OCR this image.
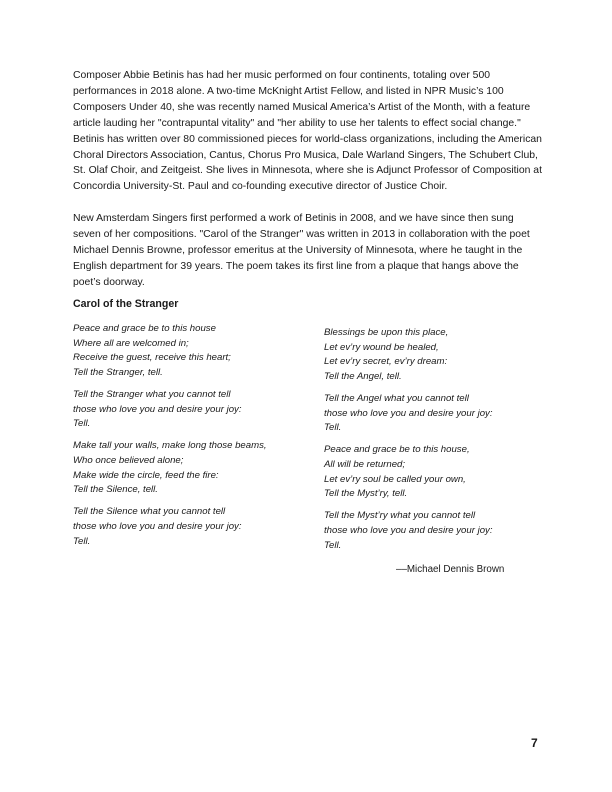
Composer Abbie Betinis has had her music performed on four continents, totaling over 500 performances in 2018 alone. A two-time McKnight Artist Fellow, and listed in NPR Music’s 100 Composers Under 40, she was recently named Musical America’s Artist of the Month, with a feature article lauding her "contrapuntal vitality" and "her ability to use her talents to effect social change." Betinis has written over 80 commissioned pieces for world-class organizations, including the American Choral Directors Association, Cantus, Chorus Pro Musica, Dale Warland Singers, The Schubert Club, St. Olaf Choir, and Zeitgeist. She lives in Minnesota, where she is Adjunct Professor of Composition at Concordia University-St. Paul and co-founding executive director of Justice Choir.

New Amsterdam Singers first performed a work of Betinis in 2008, and we have since then sung seven of her compositions. "Carol of the Stranger" was written in 2013 in collaboration with the poet Michael Dennis Browne, professor emeritus at the University of Minnesota, where he taught in the English department for 39 years. The poem takes its first line from a plaque that hangs above the poet’s doorway.

Carol of the Stranger

Peace and grace be to this house
Where all are welcomed in;
Receive the guest, receive this heart;
Tell the Stranger, tell.

Tell the Stranger what you cannot tell
those who love you and desire your joy:
Tell.

Make tall your walls, make long those beams,
Who once believed alone;
Make wide the circle, feed the fire:
Tell the Silence, tell.

Tell the Silence what you cannot tell
those who love you and desire your joy:
Tell.

Blessings be upon this place,
Let ev’ry wound be healed,
Let ev’ry secret, ev’ry dream:
Tell the Angel, tell.

Tell the Angel what you cannot tell
those who love you and desire your joy:
Tell.

Peace and grace be to this house,
All will be returned;
Let ev’ry soul be called your own,
Tell the Myst’ry, tell.

Tell the Myst’ry what you cannot tell
those who love you and desire your joy:
Tell.

––Michael Dennis Brown

7
